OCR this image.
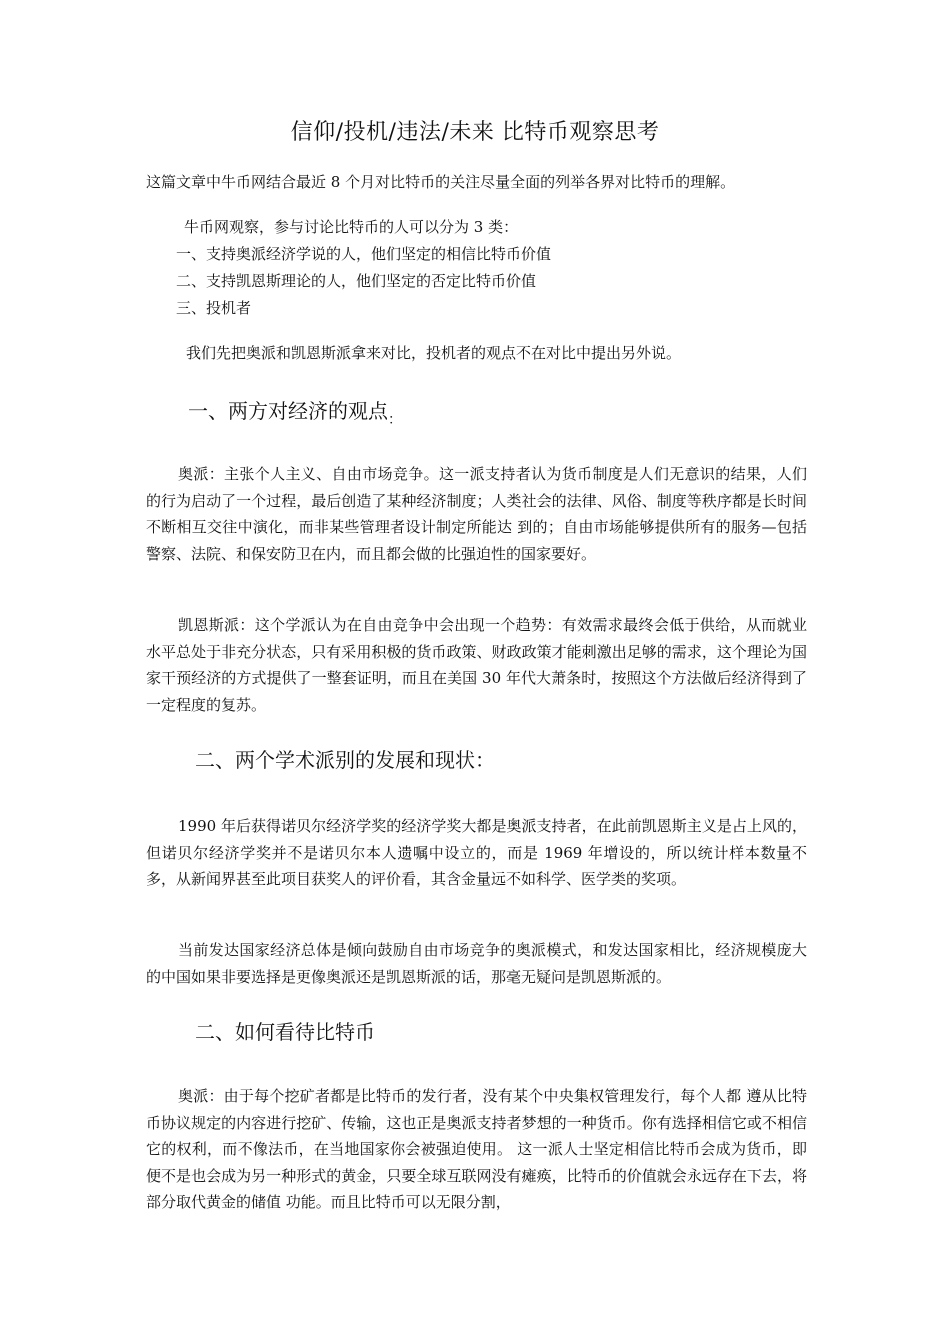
信仰/投机/违法/未来 比特币观察思考
这篇文章中牛币网结合最近 8 个月对比特币的关注尽量全面的列举各界对比特币的理解。
牛币网观察，参与讨论比特币的人可以分为 3 类：
一、支持奥派经济学说的人，他们坚定的相信比特币价值
二、支持凯恩斯理论的人，他们坚定的否定比特币价值
三、投机者
我们先把奥派和凯恩斯派拿来对比，投机者的观点不在对比中提出另外说。
一、两方对经济的观点：
奥派：主张个人主义、自由市场竞争。这一派支持者认为货币制度是人们无意识的结果，人们的行为启动了一个过程，最后创造了某种经济制度；人类社会的法律、风俗、制度等秩序都是长时间不断相互交往中演化，而非某些管理者设计制定所能达 到的；自由市场能够提供所有的服务—包括警察、法院、和保安防卫在内，而且都会做的比强迫性的国家要好。
凯恩斯派：这个学派认为在自由竞争中会出现一个趋势：有效需求最终会低于供给，从而就业水平总处于非充分状态，只有采用积极的货币政策、财政政策才能刺激出足够的需求，这个理论为国家干预经济的方式提供了一整套证明，而且在美国 30 年代大萧条时，按照这个方法做后经济得到了一定程度的复苏。
二、两个学术派别的发展和现状：
1990 年后获得诺贝尔经济学奖的经济学奖大都是奥派支持者，在此前凯恩斯主义是占上风的，但诺贝尔经济学奖并不是诺贝尔本人遗嘱中设立的，而是 1969 年增设的，所以统计样本数量不多，从新闻界甚至此项目获奖人的评价看，其含金量远不如科学、医学类的奖项。
当前发达国家经济总体是倾向鼓励自由市场竞争的奥派模式，和发达国家相比，经济规模庞大的中国如果非要选择是更像奥派还是凯恩斯派的话，那毫无疑问是凯恩斯派的。
二、如何看待比特币
奥派：由于每个挖矿者都是比特币的发行者，没有某个中央集权管理发行，每个人都 遵从比特币协议规定的内容进行挖矿、传输，这也正是奥派支持者梦想的一种货币。你有选择相信它或不相信它的权利，而不像法币，在当地国家你会被强迫使用。 这一派人士坚定相信比特币会成为货币，即便不是也会成为另一种形式的黄金，只要全球互联网没有瘫痪，比特币的价值就会永远存在下去，将部分取代黄金的储值 功能。而且比特币可以无限分割，
